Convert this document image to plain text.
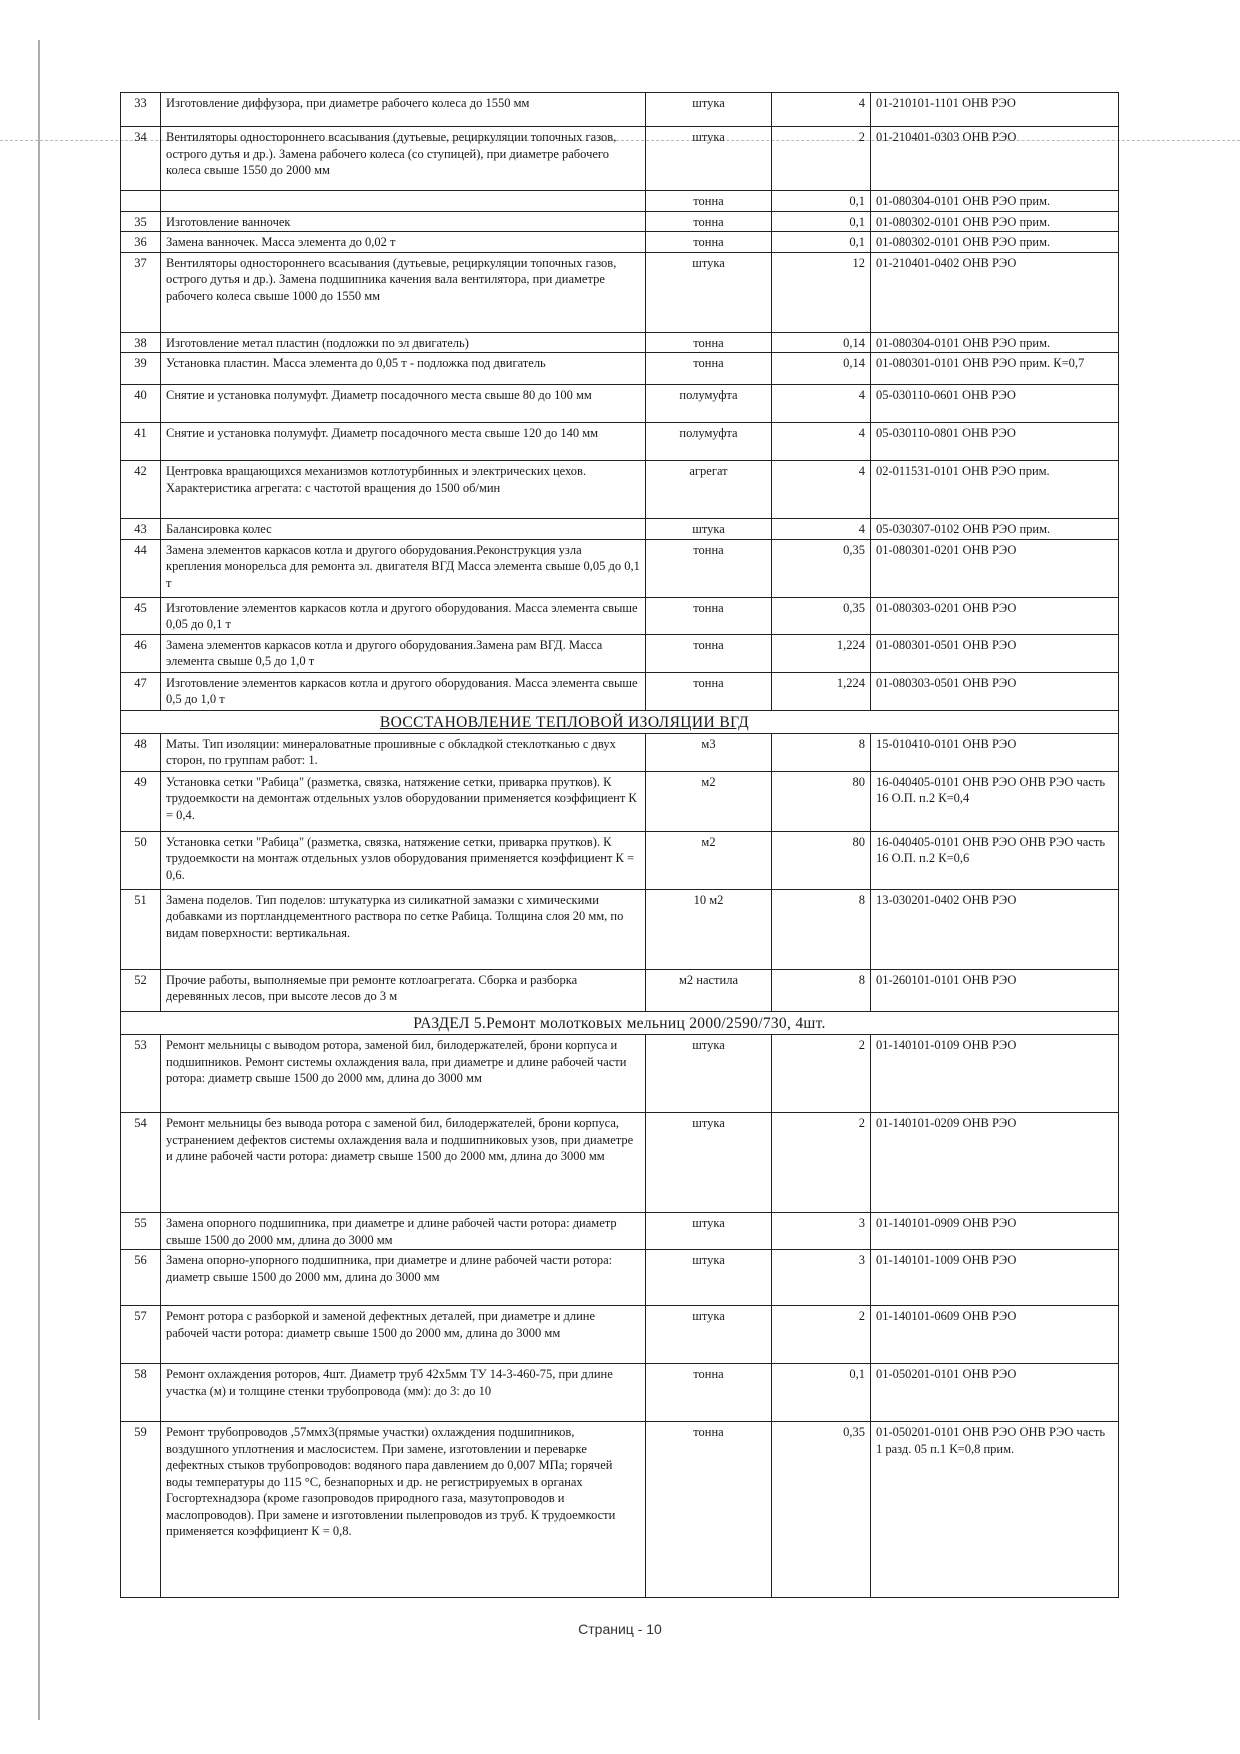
33	Изготовление диффузора, при диаметре рабочего колеса до 1550 мм	штука	4	01-210101-1101 ОНВ РЭО
34	Вентиляторы одностороннего всасывания (дутьевые, рециркуляции топочных газов, острого дутья и др.). Замена рабочего колеса (со ступицей), при диаметре рабочего колеса свыше 1550 до 2000 мм	штука	2	01-210401-0303 ОНВ РЭО
		тонна	0,1	01-080304-0101 ОНВ РЭО прим.
35	Изготовление ванночек	тонна	0,1	01-080302-0101 ОНВ РЭО прим.
36	Замена ванночек. Масса элемента до 0,02 т	тонна	0,1	01-080302-0101 ОНВ РЭО прим.
37	Вентиляторы одностороннего всасывания (дутьевые, рециркуляции топочных газов, острого дутья и др.). Замена подшипника качения вала вентилятора, при диаметре рабочего колеса свыше 1000 до 1550 мм	штука	12	01-210401-0402 ОНВ РЭО
38	Изготовление метал пластин (подложки по эл двигатель)	тонна	0,14	01-080304-0101 ОНВ РЭО прим.
39	Установка пластин. Масса элемента до 0,05 т - подложка под двигатель	тонна	0,14	01-080301-0101 ОНВ РЭО прим. К=0,7
40	Снятие и установка полумуфт. Диаметр посадочного места свыше 80 до 100 мм	полумуфта	4	05-030110-0601 ОНВ РЭО
41	Снятие и установка полумуфт. Диаметр посадочного места свыше 120 до 140 мм	полумуфта	4	05-030110-0801 ОНВ РЭО
42	Центровка вращающихся механизмов котлотурбинных и электрических цехов. Характеристика агрегата: с частотой вращения до 1500 об/мин	агрегат	4	02-011531-0101 ОНВ РЭО прим.
43	Балансировка колес	штука	4	05-030307-0102 ОНВ РЭО прим.
44	Замена элементов каркасов котла и другого оборудования.Реконструкция узла крепления монорельса для ремонта эл. двигателя ВГД Масса элемента свыше 0,05 до 0,1 т	тонна	0,35	01-080301-0201 ОНВ РЭО
45	Изготовление элементов каркасов котла и другого оборудования. Масса элемента свыше 0,05 до 0,1 т	тонна	0,35	01-080303-0201 ОНВ РЭО
46	Замена элементов каркасов котла и другого оборудования.Замена рам ВГД. Масса элемента свыше 0,5 до 1,0 т	тонна	1,224	01-080301-0501 ОНВ РЭО
47	Изготовление элементов каркасов котла и другого оборудования. Масса элемента свыше 0,5 до 1,0 т	тонна	1,224	01-080303-0501 ОНВ РЭО
ВОССТАНОВЛЕНИЕ ТЕПЛОВОЙ ИЗОЛЯЦИИ ВГД				
48	Маты. Тип изоляции: минераловатные прошивные с обкладкой стеклотканью с двух сторон, по группам работ: 1.	м3	8	15-010410-0101 ОНВ РЭО
49	Установка сетки "Рабица" (разметка, связка, натяжение сетки, приварка прутков). К трудоемкости на демонтаж отдельных узлов оборудовании применяется коэффициент К = 0,4.	м2	80	16-040405-0101 ОНВ РЭО ОНВ РЭО часть 16 О.П. п.2 К=0,4
50	Установка сетки "Рабица" (разметка, связка, натяжение сетки, приварка прутков). К трудоемкости на монтаж отдельных узлов оборудования применяется коэффициент К = 0,6.	м2	80	16-040405-0101 ОНВ РЭО ОНВ РЭО часть 16 О.П. п.2 К=0,6
51	Замена поделов. Тип поделов: штукатурка из силикатной замазки с химическими добавками из портландцементного раствора по сетке Рабица. Толщина слоя 20 мм, по видам поверхности: вертикальная.	10 м2	8	13-030201-0402 ОНВ РЭО
52	Прочие работы, выполняемые при ремонте котлоагрегата. Сборка и разборка деревянных лесов, при высоте лесов до 3 м	м2 настила	8	01-260101-0101 ОНВ РЭО
РАЗДЕЛ 5.Ремонт молотковых мельниц 2000/2590/730, 4шт.				
53	Ремонт мельницы с выводом ротора, заменой бил, билодержателей, брони корпуса и подшипников. Ремонт системы охлаждения вала, при диаметре и длине рабочей части ротора: диаметр свыше 1500 до 2000 мм, длина до 3000 мм	штука	2	01-140101-0109 ОНВ РЭО
54	Ремонт мельницы без вывода ротора с заменой бил, билодержателей, брони корпуса, устранением дефектов системы охлаждения вала и подшипниковых узов, при диаметре и длине рабочей части ротора: диаметр свыше 1500 до 2000 мм, длина до 3000 мм	штука	2	01-140101-0209 ОНВ РЭО
55	Замена опорного подшипника, при диаметре и длине рабочей части ротора: диаметр свыше 1500 до 2000 мм, длина до 3000 мм	штука	3	01-140101-0909 ОНВ РЭО
56	Замена опорно-упорного подшипника, при диаметре и длине рабочей части ротора: диаметр свыше 1500 до 2000 мм, длина до 3000 мм	штука	3	01-140101-1009 ОНВ РЭО
57	Ремонт ротора с разборкой и заменой дефектных деталей, при диаметре и длине рабочей части ротора: диаметр свыше 1500 до 2000 мм, длина до 3000 мм	штука	2	01-140101-0609 ОНВ РЭО
58	Ремонт охлаждения роторов, 4шт. Диаметр труб 42х5мм ТУ 14-3-460-75, при длине участка (м) и толщине стенки трубопровода (мм): до 3: до 10	тонна	0,1	01-050201-0101 ОНВ РЭО
59	Ремонт трубопроводов ,57ммх3(прямые участки) охлаждения подшипников, воздушного уплотнения и маслосистем. При замене, изготовлении и переварке дефектных стыков трубопроводов: водяного пара давлением до 0,007 МПа; горячей воды температуры до 115 °С, безнапорных и др. не регистрируемых в органах Госгортехнадзора (кроме газопроводов природного газа, мазутопроводов и маслопроводов). При замене и изготовлении пылепроводов из труб. К трудоемкости применяется коэффициент К = 0,8.	тонна	0,35	01-050201-0101 ОНВ РЭО ОНВ РЭО часть 1 разд. 05 п.1 К=0,8 прим.
Страниц - 10
